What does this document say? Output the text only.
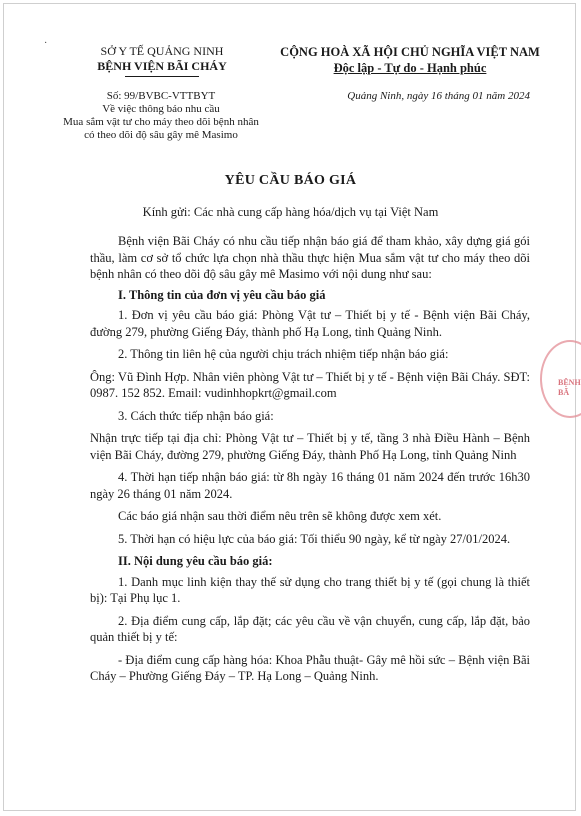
·
SỞ Y TẾ QUẢNG NINH
BỆNH VIỆN BÃI CHÁY
CỘNG HOÀ XÃ HỘI CHỦ NGHĨA VIỆT NAM
Độc lập - Tự do - Hạnh phúc
Số: 99/BVBC-VTTBYT
Về việc thông báo nhu cầu
Mua sắm vật tư cho máy theo dõi bệnh nhân
có theo dõi độ sâu gây mê Masimo
Quảng Ninh, ngày 16 tháng 01 năm 2024
YÊU CẦU BÁO GIÁ
Kính gửi: Các nhà cung cấp hàng hóa/dịch vụ tại Việt Nam

Bệnh viện Bãi Cháy có nhu cầu tiếp nhận báo giá để tham khảo, xây dựng giá gói thầu, làm cơ sở tổ chức lựa chọn nhà thầu thực hiện Mua sắm vật tư cho máy theo dõi bệnh nhân có theo dõi độ sâu gây mê Masimo với nội dung như sau:

I. Thông tin của đơn vị yêu cầu báo giá

1. Đơn vị yêu cầu báo giá: Phòng Vật tư – Thiết bị y tế - Bệnh viện Bãi Cháy, đường 279, phường Giếng Đáy, thành phố Hạ Long, tỉnh Quảng Ninh.

2. Thông tin liên hệ của người chịu trách nhiệm tiếp nhận báo giá:

Ông: Vũ Đình Hợp. Nhân viên phòng Vật tư – Thiết bị y tế - Bệnh viện Bãi Cháy. SĐT: 0987. 152 852. Email: vudinhhopkrt@gmail.com

3. Cách thức tiếp nhận báo giá:

Nhận trực tiếp tại địa chỉ: Phòng Vật tư – Thiết bị y tế, tầng 3 nhà Điều Hành – Bệnh viện Bãi Cháy, đường 279, phường Giếng Đáy, thành Phố Hạ Long, tỉnh Quảng Ninh

4. Thời hạn tiếp nhận báo giá: từ 8h ngày 16 tháng 01 năm 2024 đến trước 16h30 ngày 26 tháng 01 năm 2024.

Các báo giá nhận sau thời điểm nêu trên sẽ không được xem xét.

5. Thời hạn có hiệu lực của báo giá: Tối thiểu 90 ngày, kể từ ngày 27/01/2024.

II. Nội dung yêu cầu báo giá:

1. Danh mục linh kiện thay thế sử dụng cho trang thiết bị y tế (gọi chung là thiết bị): Tại Phụ lục 1.

2. Địa điểm cung cấp, lắp đặt; các yêu cầu về vận chuyển, cung cấp, lắp đặt, bảo quản thiết bị y tế:

- Địa điểm cung cấp hàng hóa: Khoa Phẫu thuật- Gây mê hồi sức – Bệnh viện Bãi Cháy – Phường Giếng Đáy – TP. Hạ Long – Quảng Ninh.

BỆNH
BÃ
